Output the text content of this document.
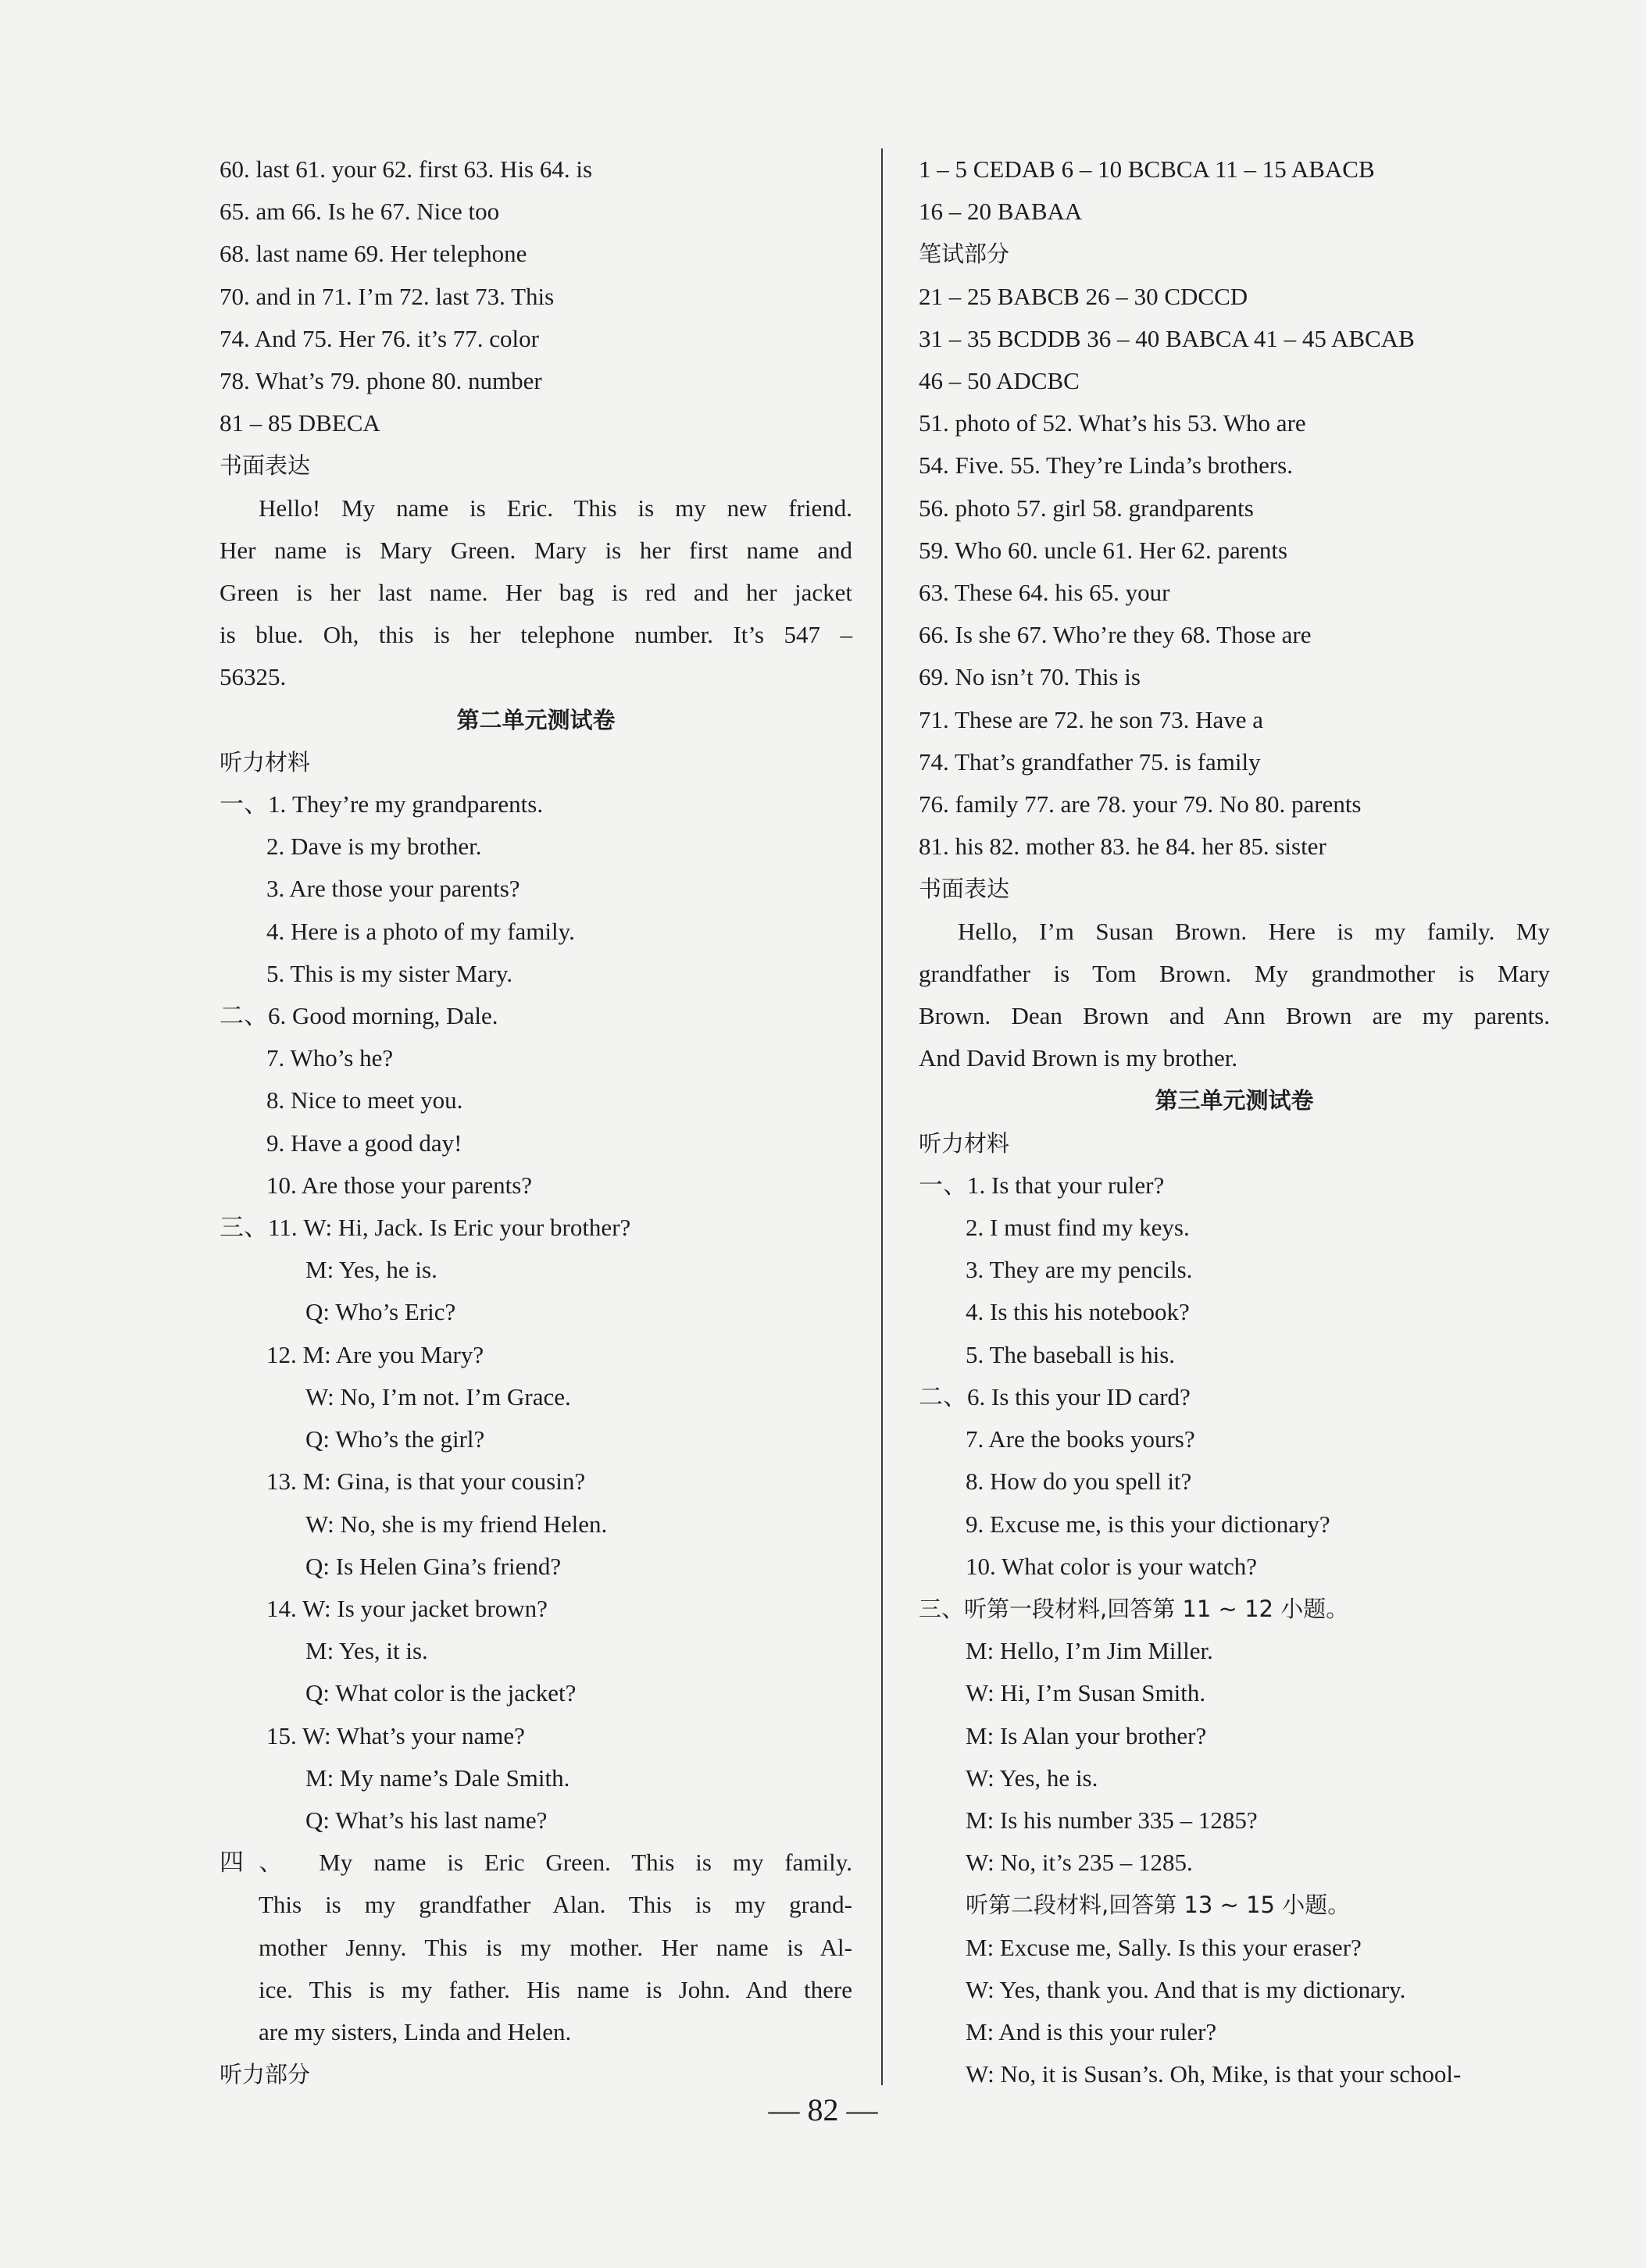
60. last 61. your 62. first 63. His 64. is
65. am 66. Is he 67. Nice too
68. last name 69. Her telephone
70. and in 71. I’m 72. last 73. This
74. And 75. Her 76. it’s 77. color
78. What’s 79. phone 80. number
81 – 85 DBECA
书面表达
Hello! My name is Eric. This is my new friend.
Her name is Mary Green. Mary is her first name and
Green is her last name. Her bag is red and her jacket
is blue. Oh, this is her telephone number. It’s 547 –
56325.
第二单元测试卷
听力材料
一、1. They’re my grandparents.
2. Dave is my brother.
3. Are those your parents?
4. Here is a photo of my family.
5. This is my sister Mary.
二、6. Good morning, Dale.
7. Who’s he?
8. Nice to meet you.
9. Have a good day!
10. Are those your parents?
三、11. W: Hi, Jack. Is Eric your brother?
M: Yes, he is.
Q: Who’s Eric?
12. M: Are you Mary?
W: No, I’m not. I’m Grace.
Q: Who’s the girl?
13. M: Gina, is that your cousin?
W: No, she is my friend Helen.
Q: Is Helen Gina’s friend?
14. W: Is your jacket brown?
M: Yes, it is.
Q: What color is the jacket?
15. W: What’s your name?
M: My name’s Dale Smith.
Q: What’s his last name?
四、 My name is Eric Green. This is my family.
This is my grandfather Alan. This is my grand-
mother Jenny. This is my mother. Her name is Al-
ice. This is my father. His name is John. And there
are my sisters, Linda and Helen.
听力部分
1 – 5 CEDAB 6 – 10 BCBCA 11 – 15 ABACB
16 – 20 BABAA
笔试部分
21 – 25 BABCB 26 – 30 CDCCD
31 – 35 BCDDB 36 – 40 BABCA 41 – 45 ABCAB
46 – 50 ADCBC
51. photo of 52. What’s his 53. Who are
54. Five. 55. They’re Linda’s brothers.
56. photo 57. girl 58. grandparents
59. Who 60. uncle 61. Her 62. parents
63. These 64. his 65. your
66. Is she 67. Who’re they 68. Those are
69. No isn’t 70. This is
71. These are 72. he son 73. Have a
74. That’s grandfather 75. is family
76. family 77. are 78. your 79. No 80. parents
81. his 82. mother 83. he 84. her 85. sister
书面表达
Hello, I’m Susan Brown. Here is my family. My
grandfather is Tom Brown. My grandmother is Mary
Brown. Dean Brown and Ann Brown are my parents.
And David Brown is my brother.
第三单元测试卷
听力材料
一、1. Is that your ruler?
2. I must find my keys.
3. They are my pencils.
4. Is this his notebook?
5. The baseball is his.
二、6. Is this your ID card?
7. Are the books yours?
8. How do you spell it?
9. Excuse me, is this your dictionary?
10. What color is your watch?
三、听第一段材料,回答第 11 ~ 12 小题。
M: Hello, I’m Jim Miller.
W: Hi, I’m Susan Smith.
M: Is Alan your brother?
W: Yes, he is.
M: Is his number 335 – 1285?
W: No, it’s 235 – 1285.
听第二段材料,回答第 13 ~ 15 小题。
M: Excuse me, Sally. Is this your eraser?
W: Yes, thank you. And that is my dictionary.
M: And is this your ruler?
W: No, it is Susan’s. Oh, Mike, is that your school-
— 82 —
